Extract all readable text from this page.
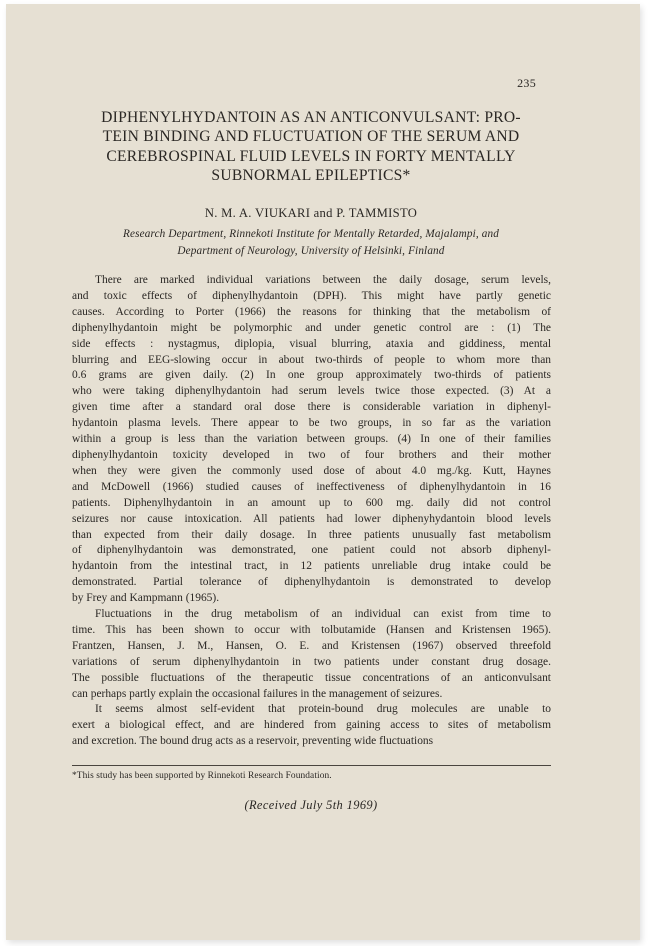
235
DIPHENYLHYDANTOIN AS AN ANTICONVULSANT: PRO-
TEIN BINDING AND FLUCTUATION OF THE SERUM AND
CEREBROSPINAL FLUID LEVELS IN FORTY MENTALLY
SUBNORMAL EPILEPTICS*
N. M. A. VIUKARI and P. TAMMISTO
Research Department, Rinnekoti Institute for Mentally Retarded, Majalampi, and
Department of Neurology, University of Helsinki, Finland

There are marked individual variations between the daily dosage, serum levels,
and toxic effects of diphenylhydantoin (DPH). This might have partly genetic
causes. According to Porter (1966) the reasons for thinking that the metabolism of
diphenylhydantoin might be polymorphic and under genetic control are : (1) The
side effects : nystagmus, diplopia, visual blurring, ataxia and giddiness, mental
blurring and EEG-slowing occur in about two-thirds of people to whom more than
0.6 grams are given daily. (2) In one group approximately two-thirds of patients
who were taking diphenylhydantoin had serum levels twice those expected. (3) At a
given time after a standard oral dose there is considerable variation in diphenyl-
hydantoin plasma levels. There appear to be two groups, in so far as the variation
within a group is less than the variation between groups. (4) In one of their families
diphenylhydantoin toxicity developed in two of four brothers and their mother
when they were given the commonly used dose of about 4.0 mg./kg. Kutt, Haynes
and McDowell (1966) studied causes of ineffectiveness of diphenylhydantoin in 16
patients. Diphenylhydantoin in an amount up to 600 mg. daily did not control
seizures nor cause intoxication. All patients had lower diphenyhydantoin blood levels
than expected from their daily dosage. In three patients unusually fast metabolism
of diphenylhydantoin was demonstrated, one patient could not absorb diphenyl-
hydantoin from the intestinal tract, in 12 patients unreliable drug intake could be
demonstrated. Partial tolerance of diphenylhydantoin is demonstrated to develop
by Frey and Kampmann (1965).

Fluctuations in the drug metabolism of an individual can exist from time to
time. This has been shown to occur with tolbutamide (Hansen and Kristensen 1965).
Frantzen, Hansen, J. M., Hansen, O. E. and Kristensen (1967) observed threefold
variations of serum diphenylhydantoin in two patients under constant drug dosage.
The possible fluctuations of the therapeutic tissue concentrations of an anticonvulsant
can perhaps partly explain the occasional failures in the management of seizures.

It seems almost self-evident that protein-bound drug molecules are unable to
exert a biological effect, and are hindered from gaining access to sites of metabolism
and excretion. The bound drug acts as a reservoir, preventing wide fluctuations

*This study has been supported by Rinnekoti Research Foundation.
(Received July 5th 1969)
